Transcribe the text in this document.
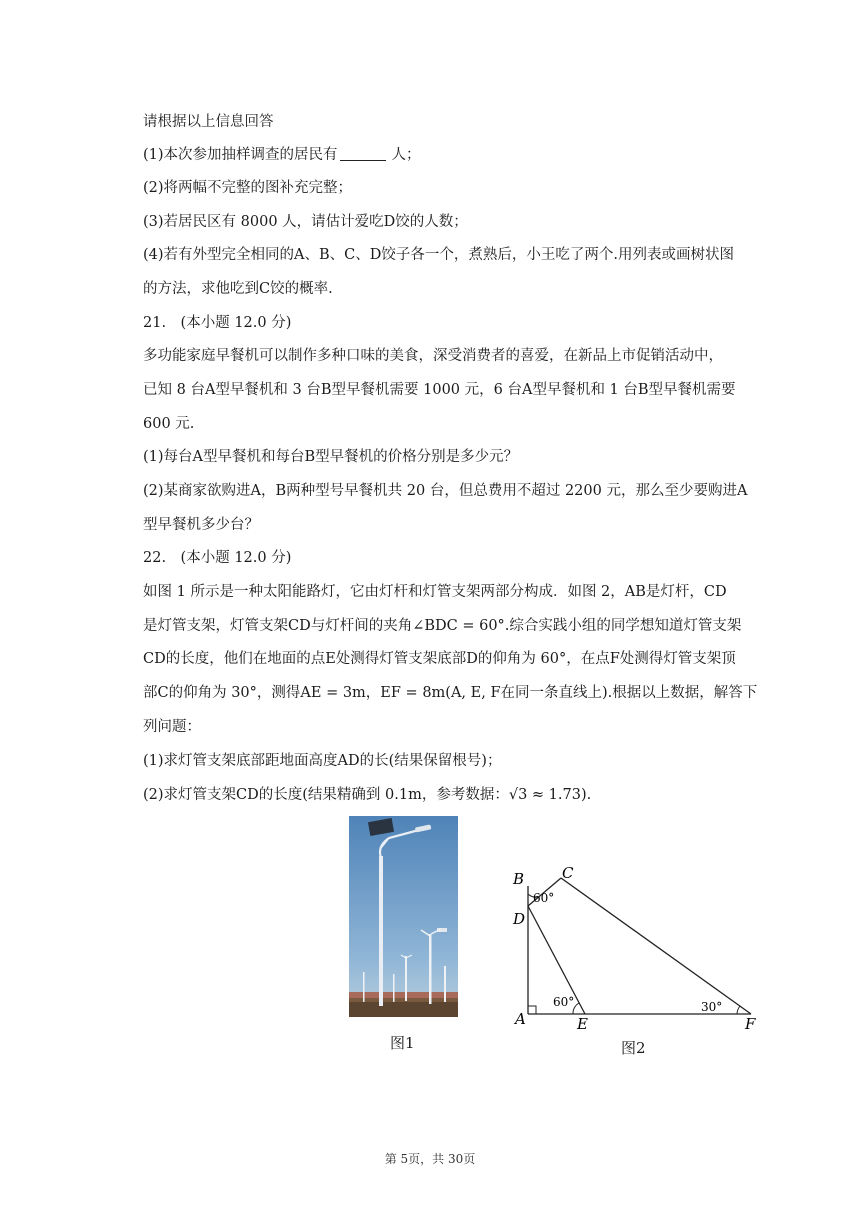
请根据以上信息回答
(1)本次参加抽样调查的居民有	人；
(2)将两幅不完整的图补充完整；
(3)若居民区有 8000 人，请估计爱吃D饺的人数；
(4)若有外型完全相同的A、B、C、D饺子各一个，煮熟后，小王吃了两个.用列表或画树状图
的方法，求他吃到C饺的概率.
21.　(本小题 12.0 分)
多功能家庭早餐机可以制作多种口味的美食，深受消费者的喜爱，在新品上市促销活动中，
已知 8 台A型早餐机和 3 台B型早餐机需要 1000 元，6 台A型早餐机和 1 台B型早餐机需要
600 元.
(1)每台A型早餐机和每台B型早餐机的价格分别是多少元？
(2)某商家欲购进A，B两种型号早餐机共 20 台，但总费用不超过 2200 元，那么至少要购进A
型早餐机多少台？
22.　(本小题 12.0 分)
如图 1 所示是一种太阳能路灯，它由灯杆和灯管支架两部分构成．如图 2，AB是灯杆，CD
是灯管支架，灯管支架CD与灯杆间的夹角∠BDC = 60°.综合实践小组的同学想知道灯管支架
CD的长度，他们在地面的点E处测得灯管支架底部D的仰角为 60°，在点F处测得灯管支架顶
部C的仰角为 30°，测得AE = 3m，EF = 8m(A, E, F在同一条直线上).根据以上数据，解答下
列问题：
(1)求灯管支架底部距地面高度AD的长(结果保留根号)；
(2)求灯管支架CD的长度(结果精确到 0.1m，参考数据：√3 ≈ 1.73).
图1
B	C
D
A	E	F
60°
60°	30°
图2
第 5页，共 30页
